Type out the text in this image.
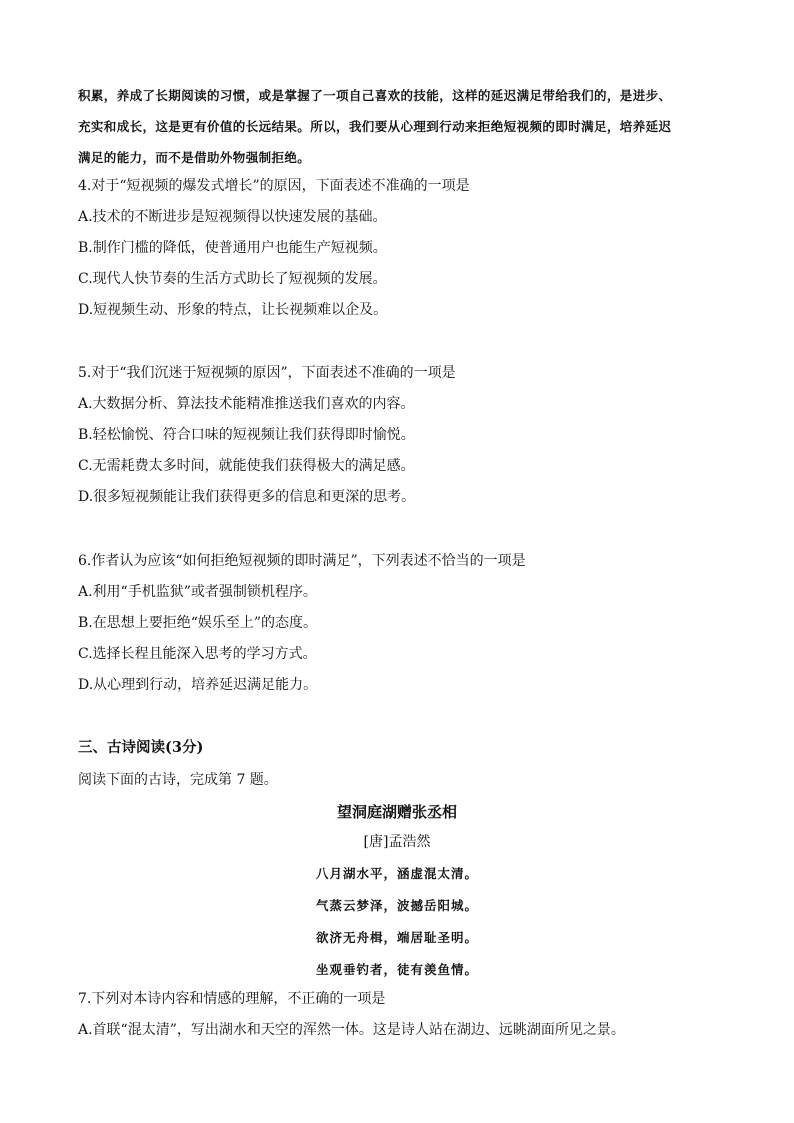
积累，养成了长期阅读的习惯，或是掌握了一项自己喜欢的技能，这样的延迟满足带给我们的，是进步、

充实和成长，这是更有价值的长远结果。所以，我们要从心理到行动来拒绝短视频的即时满足，培养延迟

满足的能力，而不是借助外物强制拒绝。

4.对于“短视频的爆发式增长”的原因，下面表述不准确的一项是

A.技术的不断进步是短视频得以快速发展的基础。

B.制作门槛的降低，使普通用户也能生产短视频。

C.现代人快节奏的生活方式助长了短视频的发展。

D.短视频生动、形象的特点，让长视频难以企及。

5.对于“我们沉迷于短视频的原因”，下面表述不准确的一项是

A.大数据分析、算法技术能精准推送我们喜欢的内容。

B.轻松愉悦、符合口味的短视频让我们获得即时愉悦。

C.无需耗费太多时间，就能使我们获得极大的满足感。

D.很多短视频能让我们获得更多的信息和更深的思考。

6.作者认为应该“如何拒绝短视频的即时满足”，下列表述不恰当的一项是

A.利用“手机监狱”或者强制锁机程序。

B.在思想上要拒绝“娱乐至上”的态度。

C.选择长程且能深入思考的学习方式。

D.从心理到行动，培养延迟满足能力。

三、古诗阅读(3分)
阅读下面的古诗，完成第 7 题。
望洞庭湖赠张丞相
[唐]孟浩然

八月湖水平，涵虚混太清。

气蒸云梦泽，波撼岳阳城。

欲济无舟楫，端居耻圣明。

坐观垂钓者，徒有羡鱼情。

7.下列对本诗内容和情感的理解，不正确的一项是

A.首联“混太清”，写出湖水和天空的浑然一体。这是诗人站在湖边、远眺湖面所见之景。
